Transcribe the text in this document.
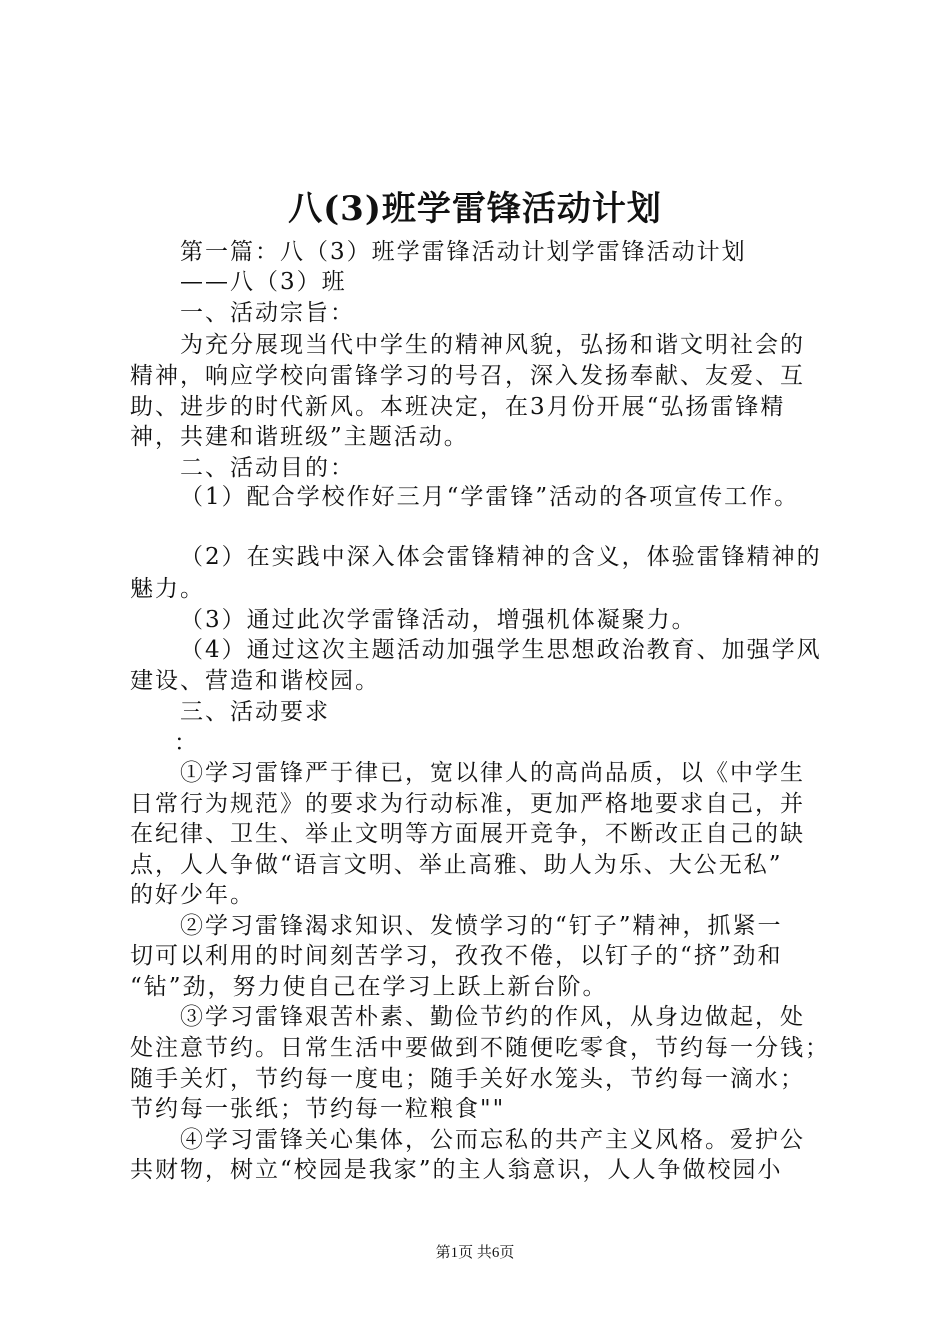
八(3)班学雷锋活动计划
第一篇：八（3）班学雷锋活动计划学雷锋活动计划
——八（3）班
一、活动宗旨：
为充分展现当代中学生的精神风貌，弘扬和谐文明社会的
精神，响应学校向雷锋学习的号召，深入发扬奉献、友爱、互
助、进步的时代新风。本班决定，在3月份开展“弘扬雷锋精
神，共建和谐班级”主题活动。
二、活动目的：
（1）配合学校作好三月“学雷锋”活动的各项宣传工作。
（2）在实践中深入体会雷锋精神的含义，体验雷锋精神的
魅力。
（3）通过此次学雷锋活动，增强机体凝聚力。
（4）通过这次主题活动加强学生思想政治教育、加强学风
建设、营造和谐校园。
三、活动要求
：
①学习雷锋严于律已，宽以律人的高尚品质，以《中学生
日常行为规范》的要求为行动标准，更加严格地要求自己，并
在纪律、卫生、举止文明等方面展开竞争，不断改正自己的缺
点，人人争做“语言文明、举止高雅、助人为乐、大公无私”
的好少年。
②学习雷锋渴求知识、发愤学习的“钉子”精神，抓紧一
切可以利用的时间刻苦学习，孜孜不倦，以钉子的“挤”劲和
“钻”劲，努力使自己在学习上跃上新台阶。
③学习雷锋艰苦朴素、勤俭节约的作风，从身边做起，处
处注意节约。日常生活中要做到不随便吃零食，节约每一分钱；
随手关灯，节约每一度电；随手关好水笼头，节约每一滴水；
节约每一张纸；节约每一粒粮食""
④学习雷锋关心集体，公而忘私的共产主义风格。爱护公
共财物，树立“校园是我家”的主人翁意识，人人争做校园小
第1页 共6页
